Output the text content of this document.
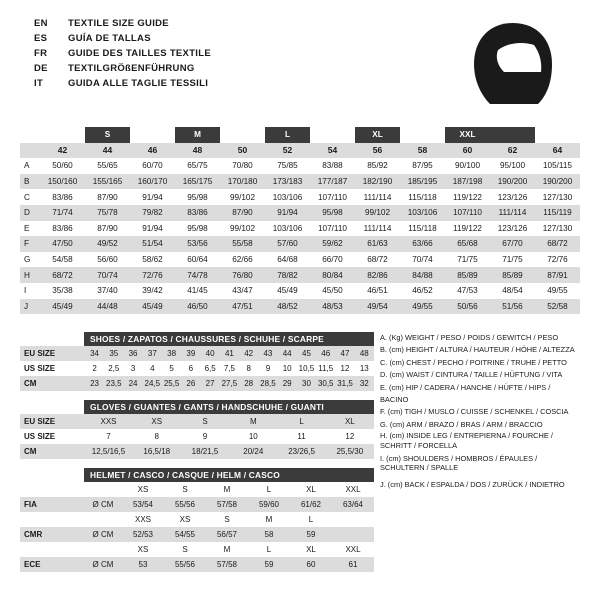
EN	TEXTILE SIZE GUIDE
ES	GUÍA DE TALLAS
FR	GUIDE DES TAILLES TEXTILE
DE	TEXTILGRÖßENFÜHRUNG
IT	GUIDA ALLE TAGLIE TESSILI
		S		M		L		XL		XXL		
	42	44	46	48	50	52	54	56	58	60	62	64
A	50/60	55/65	60/70	65/75	70/80	75/85	83/88	85/92	87/95	90/100	95/100	105/115
B	150/160	155/165	160/170	165/175	170/180	173/183	177/187	182/190	185/195	187/198	190/200	190/200
C	83/86	87/90	91/94	95/98	99/102	103/106	107/110	111/114	115/118	119/122	123/126	127/130
D	71/74	75/78	79/82	83/86	87/90	91/94	95/98	99/102	103/106	107/110	111/114	115/119
E	83/86	87/90	91/94	95/98	99/102	103/106	107/110	111/114	115/118	119/122	123/126	127/130
F	47/50	49/52	51/54	53/56	55/58	57/60	59/62	61/63	63/66	65/68	67/70	68/72
G	54/58	56/60	58/62	60/64	62/66	64/68	66/70	68/72	70/74	71/75	71/75	72/76
H	68/72	70/74	72/76	74/78	76/80	78/82	80/84	82/86	84/88	85/89	85/89	87/91
I	35/38	37/40	39/42	41/45	43/47	45/49	45/50	46/51	46/52	47/53	48/54	49/55
J	45/49	44/48	45/49	46/50	47/51	48/52	48/53	49/54	49/55	50/56	51/56	52/58
SHOES / ZAPATOS / CHAUSSURES / SCHUHE / SCARPE
EU SIZE	34	35	36	37	38	39	40	41	42	43	44	45	46	47	48
US SIZE	2	2,5	3	4	5	6	6,5	7,5	8	9	10	10,5	11,5	12	13
CM	23	23,5	24	24,5	25,5	26	27	27,5	28	28,5	29	30	30,5	31,5	32
GLOVES / GUANTES / GANTS / HANDSCHUHE / GUANTI
EU SIZE	XXS	XS	S	M	L	XL
US SIZE	7	8	9	10	11	12
CM	12,5/16,5	16,5/18	18/21,5	20/24	23/26,5	25,5/30
HELMET / CASCO / CASQUE / HELM / CASCO
		XS	S	M	L	XL	XXL
FIA	Ø CM	53/54	55/56	57/58	59/60	61/62	63/64
		XXS	XS	S	M	L	
CMR	Ø CM	52/53	54/55	56/57	58	59	
		XS	S	M	L	XL	XXL
ECE	Ø CM	53	55/56	57/58	59	60	61

A. (Kg) WEIGHT / PESO / POIDS / GEWITCH / PESO

B. (cm) HEIGHT / ALTURA / HAUTEUR / HÖHE / ALTEZZA

C. (cm) CHEST / PECHO / POITRINE / TRUHE / PETTO

D. (cm) WAIST / CINTURA / TAILLE / HÜFTUNG / VITA

E. (cm) HIP / CADERA / HANCHE / HÜFTE / HIPS / BACINO

F. (cm) TIGH / MUSLO / CUISSE / SCHENKEL / COSCIA

G. (cm) ARM / BRAZO / BRAS / ARM / BRACCIO

H. (cm) INSIDE LEG / ENTREPIERNA / FOURCHE / SCHRITT / FORCELLA

I. (cm) SHOULDERS / HOMBROS / ÉPAULES / SCHULTERN / SPALLE

J. (cm) BACK / ESPALDA / DOS / ZURÜCK / INDIETRO
